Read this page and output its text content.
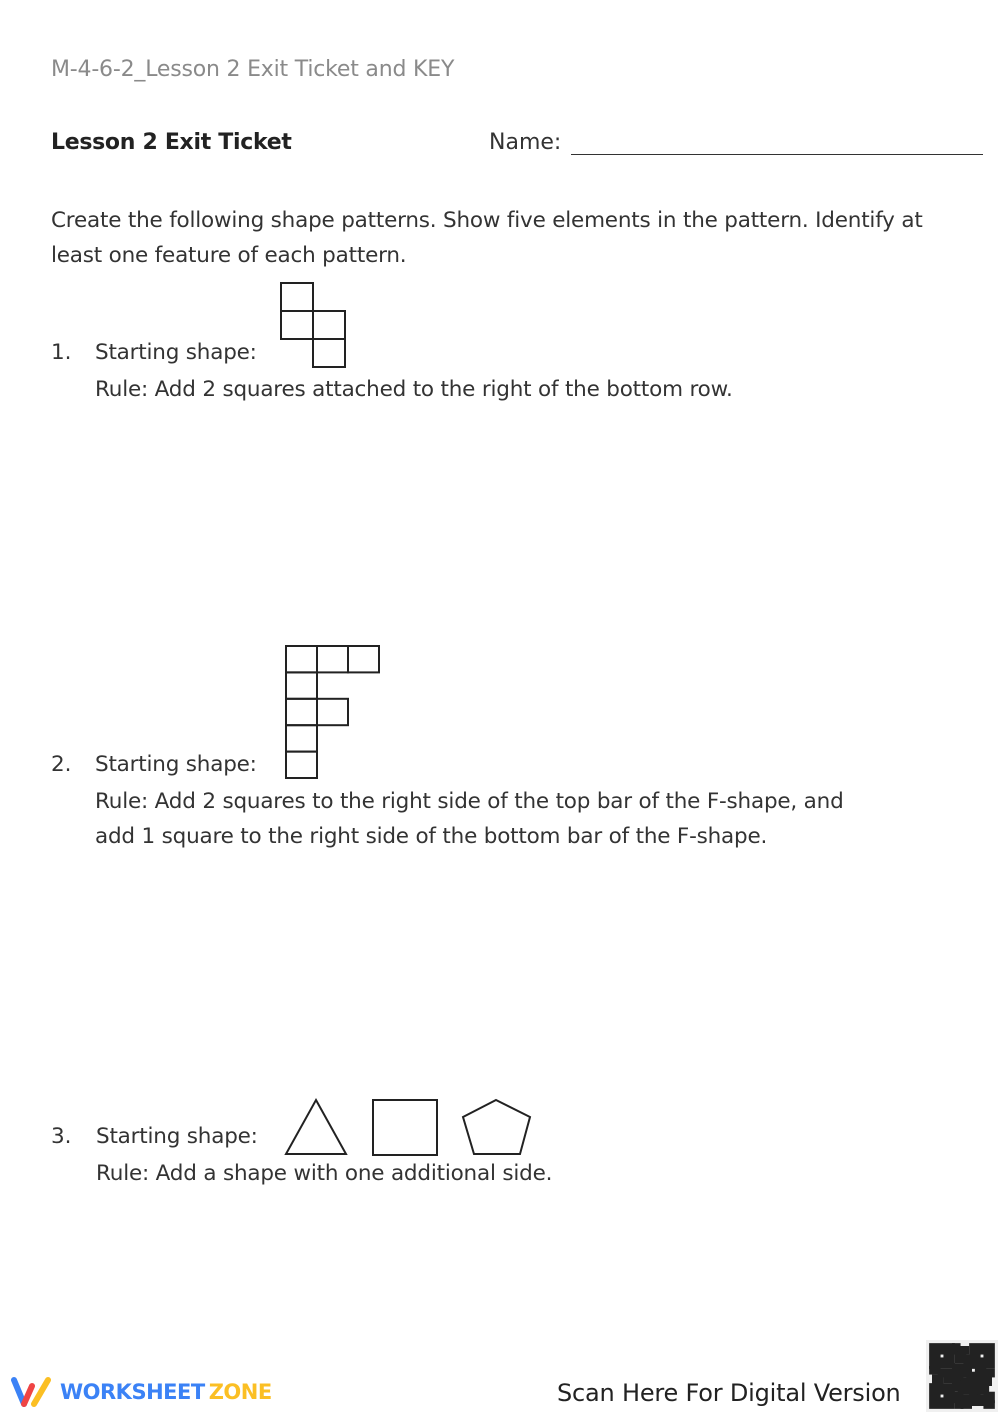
M-4-6-2_Lesson 2 Exit Ticket and KEY
Lesson 2 Exit Ticket	Name:
Create the following shape patterns. Show five elements in the pattern. Identify at least one feature of each pattern.
1. Starting shape:
Rule: Add 2 squares attached to the right of the bottom row.
2. Starting shape:
Rule: Add 2 squares to the right side of the top bar of the F-shape, and
add 1 square to the right side of the bottom bar of the F-shape.
3. Starting shape:
Rule: Add a shape with one additional side.
WORKSHEET ZONE	Scan Here For Digital Version
